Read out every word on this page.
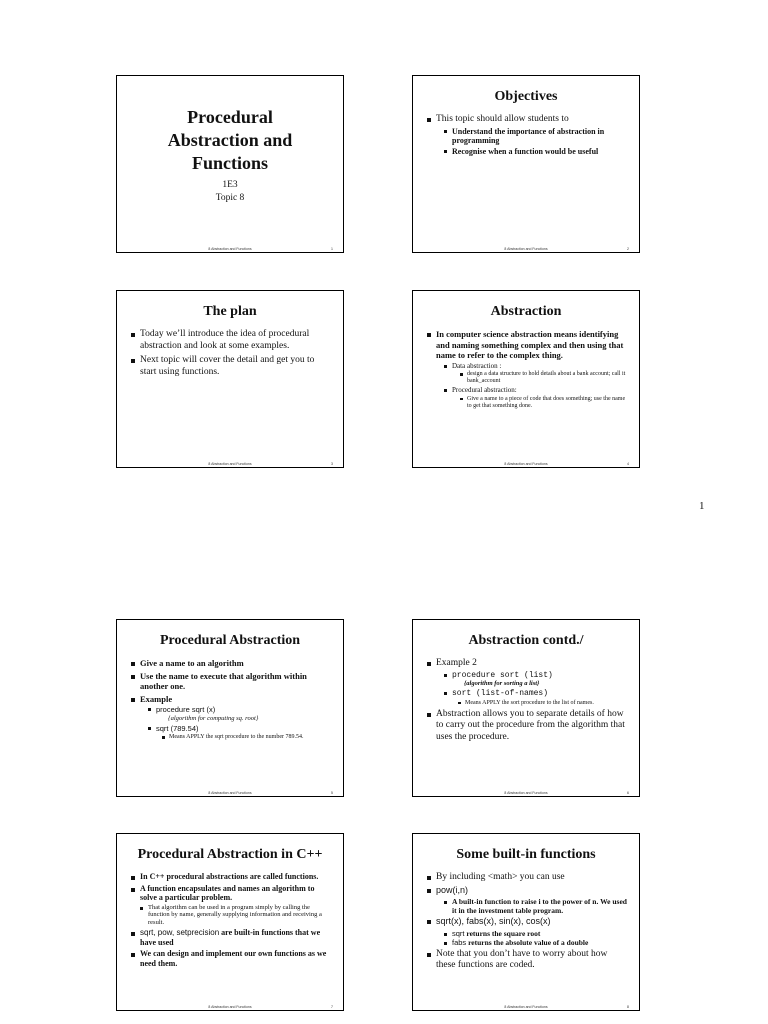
Procedural
Abstraction and
Functions
1E3
Topic 8
8 Abstraction and Functions	1
Objectives
This topic should allow students to
Understand the importance of abstraction in programming
Recognise when a function would be useful
8 Abstraction and Functions	2
The plan
Today we’ll introduce the idea of procedural abstraction and look at some examples.
Next topic will cover the detail and get you to start using functions.
8 Abstraction and Functions	3
Abstraction
In computer science abstraction means identifying and naming something complex and then using that name to refer to the complex thing.
Data abstraction :
design a data structure to hold details about a bank account; call it bank_account
Procedural abstraction:
Give a name to a piece of code that does something; use the name to get that something done.
8 Abstraction and Functions	4
1
Procedural Abstraction
Give a name to an algorithm
Use the name to execute that algorithm within another one.
Example
procedure sqrt (x)
{algorithm for computing sq. root}
sqrt (789.54)
Means APPLY the sqrt procedure to the number 789.54.
8 Abstraction and Functions	5
Abstraction contd./
Example 2
procedure sort (list)
{algorithm for sorting a list}
sort (list-of-names)
Means APPLY the sort procedure to the list of names.
Abstraction allows you to separate details of how to carry out the procedure from the algorithm that uses the procedure.
8 Abstraction and Functions	6
Procedural Abstraction in C++
In C++ procedural abstractions are called functions.
A function encapsulates and names an algorithm to solve a particular problem.
That algorithm can be used in a program simply by calling the function by name, generally supplying information and receiving a result.
sqrt, pow, setprecision are built-in functions that we have used
We can design and implement our own functions as we need them.
8 Abstraction and Functions	7
Some built-in functions
By including <math> you can use
pow(i,n)
A built-in function to raise i to the power of n. We used it in the investment table program.
sqrt(x), fabs(x), sin(x), cos(x)
sqrt returns the square root
fabs returns the absolute value of a double
Note that you don’t have to worry about how these functions are coded.
8 Abstraction and Functions	8
